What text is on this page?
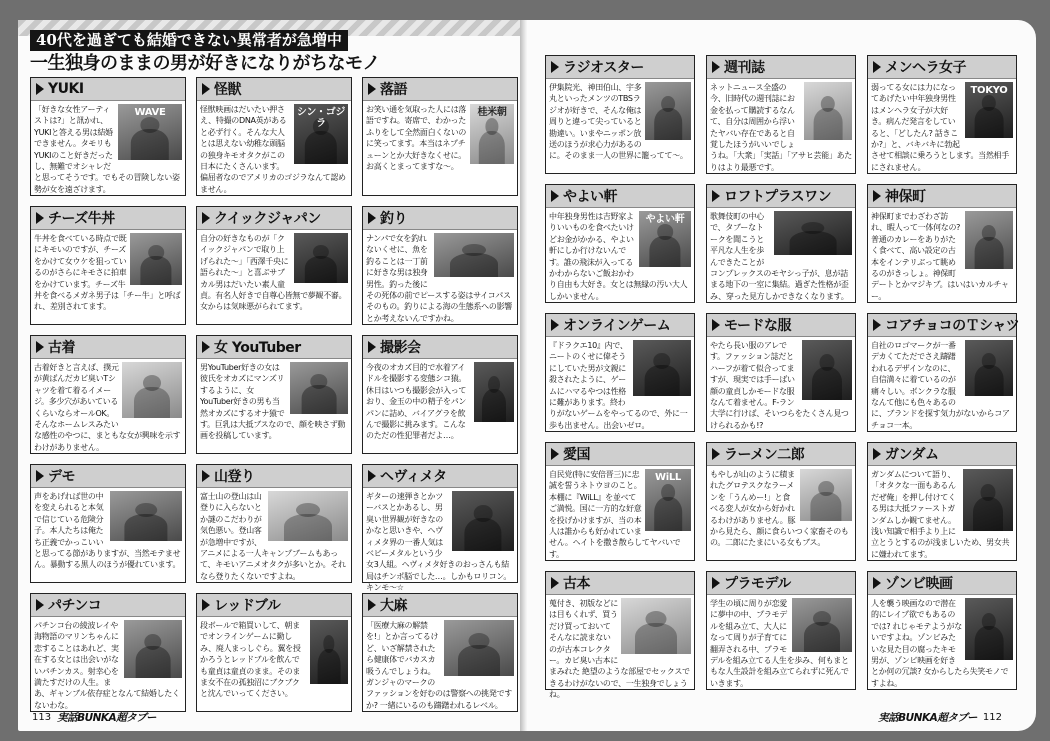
40代を過ぎても結婚できない異常者が急増中
一生独身のままの男が好きになりがちなモノ
YUKI
WAVE
「好きな女性アーティストは?」と訊かれ、YUKIと答える男は結婚できません。タモリもYUKIのこと好きだったし、無難でオシャレだと思ってそうです。でもその冒険しない姿勢が女を遠ざけます。
怪獣
シン・ゴジラ
怪獣映画はだいたい押さえ、特撮のDNA英があると必ず行く。そんな大人とは思えない幼稚な頭脳の独身キモオタクがこの日本にたくさんいます。偏屈者なのでアメリカのゴジラなんて認めません。
落語
桂米朝
お笑い通を気取った人には落語ですね。寄席で、わかったふりをして全然面白くないのに笑ってます。本当はネプチューンとか大好きなくせに。お高くとまってますな〜。
チーズ牛丼
牛丼を食べている時点で既にキモいのですが、チーズをかけて女ウケを狙っているのがさらにキモさに拍車をかけています。チーズ牛丼を食べるメガネ男子は「チー牛」と呼ばれ、差別されてます。
クイックジャパン
自分の好きなものが「クイックジャパンで取り上げられた〜」「西澤千央に語られた〜」と喜ぶサブカル男はだいたい素人童貞。有名人好きで自尊心皆無で夢観不審。女からは気味悪がられてます。
釣り
ナンパで女を釣れないくせに、魚を釣ることは一丁前に好きな男は独身男性。釣った後にその死体の前でピースする姿はサイコパスそのもの。釣りによる海の生態系への影響とか考えないんですかね。
古着
古着好きと言えば、撲元が黄ばんだカビ臭いTシャツを着て着るイメージ。多少穴があいているくらいならオールOK。そんなホームレスみたいな感性のやつに、まともな女が興味を示すわけがありません。
女 YouTuber
男YouTuber好きの女は彼氏をオカズにマンズリするように、女YouTuber好きの男も当然オカズにするオナ猿です。巨乳は大抵ブスなので、顔を映さず動画を投稿しています。
撮影会
今夜のオカズ目的で水着アイドルを撮影する変態シコ猿。休日はいつも撮影会が入っており、金玉の中の精子をパンパンに詰め、バイアグラを飲んで撮影に挑みます。こんなのただの性犯罪者だよ…。
デモ
声をあげれば世の中を変えられると本気で信じている危険分子。本人たちは俺たち正義でかっこいいと思ってる節がありますが、当然モテません。暴動する黒人のほうが優れています。
山登り
富士山の登山は山登りに入らないとか謎のこだわりが気色悪い。登山客が急増中ですが、アニメによる一人キャンプブームもあって、キモいアニメオタクが多いとか。それなら登りたくないですよね。
ヘヴィメタ
ギターの速弾きとかツーバスとかあるし、男臭い世界観が好きなのかなと思いきや、ヘヴィメタ界の一番人気はベビーメタルという少女3人組。ヘヴィメタ好きのおっさんも結局はチンポ脳でした…。しかもロリコン。キンモ〜☆
パチンコ
パチンコ台の綾波レイや海物語のマリンちゃんに恋することはあれど、実在する女とは出会いがないパチンカス。射幸心を満たすだけの人生。まあ、ギャンブル依存症となんて結婚したくないわな。
レッドブル
段ボールで箱買いして、朝までオンラインゲームに勤しみ、廃人まっしぐら。翼を授かろうとレッドブルを飲んでも童貞は童貞のまま。そのまま女不在の孤独沼にブクブクと沈んでいってください。
大麻
「医療大麻の解禁を!」とか言ってるけど、いざ解禁されたら健康体でバカスカ吸うんでしょうね。ガンジャのマークのファッションを好むのは警察への挑発ですか? 一緒にいるのも躊躇われるレベル。
113 実話BUNKA超タブー
ラジオスター
伊集院光、神田伯山、宇多丸といったメンツのTBSラジオが好きで、そんな俺は周りと違って尖っていると勘違い。いまやニッポン放送のほうが求心力があるのに。そのまま一人の世界に籠ってて〜。
週刊誌
ネットニュース全盛の今、旧時代の週刊誌にお金を払って購読するなんて、自分は周囲から浮いたヤバい存在であると自覚したほうがいいでしょうね。「大衆」「実話」「アサヒ芸能」あたりはより最悪です。
メンヘラ女子
TOKYO
弱ってる女には力になってあげたい中年独身男性はメンヘラ女子が大好き。病んだ発言をしていると、「どしたん? 話きこか?」と、バキバキに勃起させて相談に乗ろうとします。当然相手にされません。
やよい軒
やよい軒
中年独身男性は吉野家よりいいものを食べたいけどお金がかかる、やよい軒にしか行けないんです。誰の飛沫が入ってるかわからないご飯おかわり自由も大好き。女とは無縁の汚い大人しかいません。
ロフトプラスワン
歌舞伎町の中心で、タブーなトークを聞こうと平凡な人生を歩んできたことがコンプレックスのモヤシっ子が、息が詰まる地下の一室に集結。過ぎた性格が歪み、穿った見方しかできなくなります。
神保町
神保町までわざわざ訪れ、暇人って一体何なの? 普通のカレーをありがたく食べて、高い設定の古本をインテリぶって眺めるのがきっしょ。神保町デートとかマジキブ。はいはいカルチャー。
オンラインゲーム
『ドラクエ10』内で、ニートのくせに偉そうにしていた男が文親に殺されたように、ゲームにハマるやつは性格に難があります。終わりがないゲームをやってるので、外に一歩も出ません。出会いゼロ。
モードな服
やたら長い服のアレです。ファッション誌だとハーフが着て似合ってますが、現実では手ーばい顔の童貞しかモードな服なんて着ません。F-ラン大学に行けば、そいつらをたくさん見つけられるかも!?
コアチョコのＴシャツ
自社のロゴマークが一番デカくてただでさえ躊躇われるデザインなのに、自信満々に着ているのが痛々しい。ボンクラな服なんて他にも色々あるのに、ブランドを探す気力がないからコアチョコ一本。
愛国
WiLL
自民党(特に安倍晋三)に忠誠を誓うネトウヨのこと。本棚に『WiLL』を並べてご満悦。国に一方的な好意を投げかけますが、当の本人は誰からも好かれていません。ヘイトを撒き散らしてヤバいです。
ラーメン二郎
もやしが山のように積まれたグロテスクなラーメンを「うんめー!」と食べる変人が女から好かれるわけがありません。豚から見たら、顔に食らいつく家畜そのもの。二郎にたまにいる女もブス。
ガンダム
ガンダムについて語り、「オタクな一面もあるんだぜ俺」を押し付けてくる男は大抵ファーストガンダムしか観てません。浅い知識で相手より上に立とうとするのが浅ましいため、男女共に嫌われてます。
古本
蒐付き、初版などには目もくれず、買うだけ買っておいてそんなに読まないのが古本コレクター。カビ臭い古本に まみれた 絶望のような部屋でセックスできるわけがないので、一生独身でしょうね。
プラモデル
学生の頃に周りが恋愛に夢中の中、プラモデルを組み立て、大人になって周りが子育てに翻弄される中、プラモデルを組み立てる人生を歩み、何もまともな人生設計を組み立てられずに死んでいきます。
ゾンビ映画
人を襲う映画なので潜在的にレイプ欲でもあるのでは? れじゃモテようがないですよね。ゾンビみたいな見た目の腐ったキモ男が、ゾンビ映画を好きとか何の冗談? 女からしたら失笑モノですよね。
実話BUNKA超タブー 112
